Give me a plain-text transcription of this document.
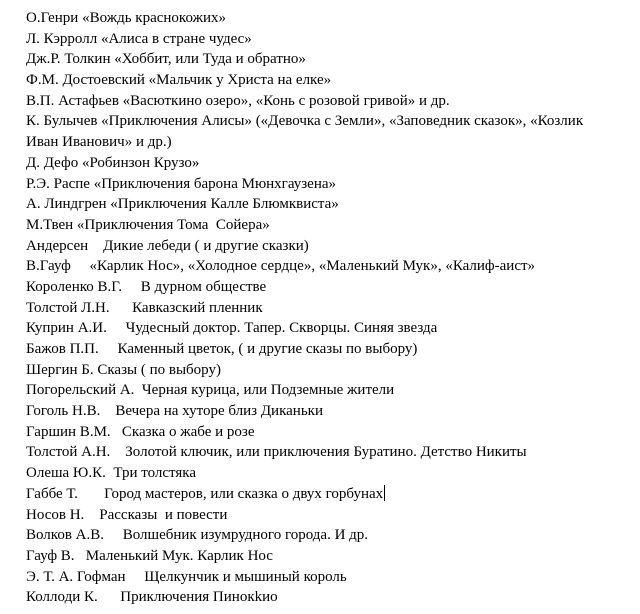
О.Генри «Вождь краснокожих»
Л. Кэрролл «Алиса в стране чудес»
Дж.Р. Толкин «Хоббит, или Туда и обратно»
Ф.М. Достоевский «Мальчик у Христа на елке»
В.П. Астафьев «Васюткино озеро», «Конь с розовой гривой» и др.
К. Булычев «Приключения Алисы» («Девочка с Земли», «Заповедник сказок», «Козлик
Иван Иванович» и др.)
Д. Дефо «Робинзон Крузо»
Р.Э. Распе «Приключения барона Мюнхгаузена»
А. Линдгрен «Приключения Калле Блюмквиста»
М.Твен «Приключения Тома  Сойера»
Андерсен    Дикие лебеди ( и другие сказки)
В.Гауф     «Карлик Нос», «Холодное сердце», «Маленький Мук», «Калиф-аист»
Короленко В.Г.     В дурном обществе
Толстой Л.Н.      Кавказский пленник
Куприн А.И.     Чудесный доктор. Тапер. Скворцы. Синяя звезда
Бажов П.П.     Каменный цветок, ( и другие сказы по выбору)
Шергин Б. Сказы ( по выбору)
Погорельский А.  Черная курица, или Подземные жители
Гоголь Н.В.    Вечера на хуторе близ Диканьки
Гаршин В.М.   Сказка о жабе и розе
Толстой А.Н.    Золотой ключик, или приключения Буратино. Детство Никиты
Олеша Ю.К.  Три толстяка
Габбе Т.       Город мастеров, или сказка о двух горбунах
Носов Н.    Рассказы  и повести
Волков А.В.     Волшебник изумрудного города. И др.
Гауф В.   Маленький Мук. Карлик Нос
Э. Т. А. Гофман     Щелкунчик и мышиный король
Коллоди К.      Приключения Пинокkио
